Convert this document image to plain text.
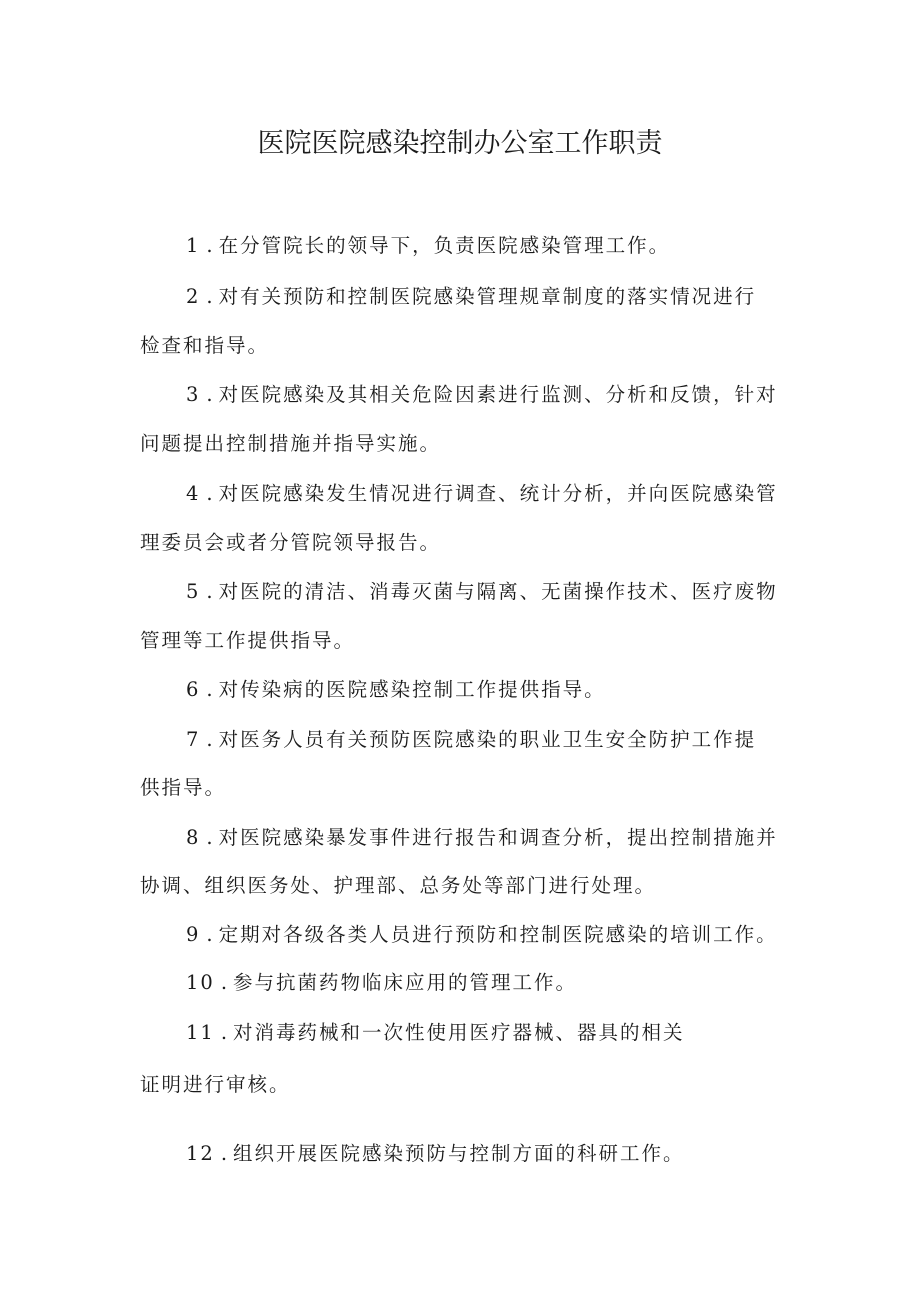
医院医院感染控制办公室工作职责

1 . 在分管院长的领导下，负责医院感染管理工作。

2 . 对有关预防和控制医院感染管理规章制度的落实情况进行

检查和指导。

3 . 对医院感染及其相关危险因素进行监测、分析和反馈，针对

问题提出控制措施并指导实施。

4 . 对医院感染发生情况进行调查、统计分析，并向医院感染管

理委员会或者分管院领导报告。

5 . 对医院的清洁、消毒灭菌与隔离、无菌操作技术、医疗废物

管理等工作提供指导。

6 . 对传染病的医院感染控制工作提供指导。

7 . 对医务人员有关预防医院感染的职业卫生安全防护工作提

供指导。

8 . 对医院感染暴发事件进行报告和调查分析，提出控制措施并

协调、组织医务处、护理部、总务处等部门进行处理。

9 . 定期对各级各类人员进行预防和控制医院感染的培训工作。

10 . 参与抗菌药物临床应用的管理工作。

11 . 对消毒药械和一次性使用医疗器械、器具的相关

证明进行审核。

12 . 组织开展医院感染预防与控制方面的科研工作。
